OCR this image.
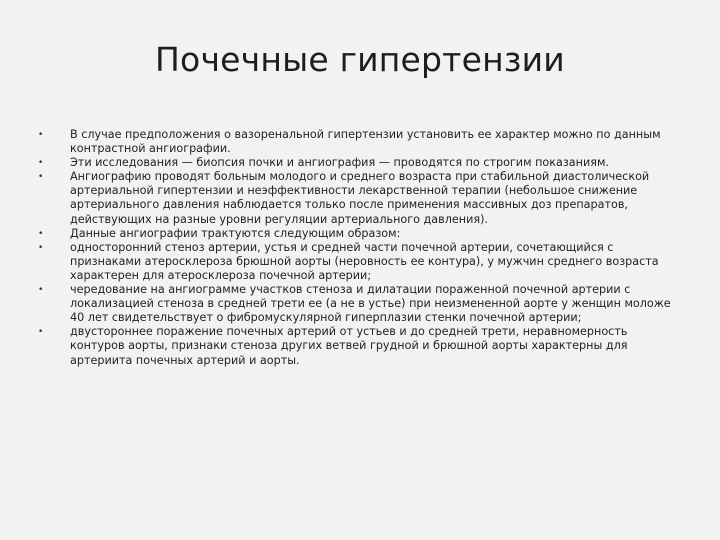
Почечные гипертензии
• В случае предположения о вазоренальной гипертензии установить ее характер можно по данным контрастной ангиографии.
• Эти исследования — биопсия почки и ангиография — проводятся по строгим показаниям.
• Ангиографию проводят больным молодого и среднего возраста при стабильной диастолической артериальной гипертензии и неэффективности лекарственной терапии (небольшое снижение артериального давления наблюдается только после применения массивных доз препаратов, действующих на разные уровни регуляции артериального давления).
• Данные ангиографии трактуются следующим образом:
• односторонний стеноз артерии, устья и средней части почечной артерии, сочетающийся с признаками атеросклероза брюшной аорты (неровность ее контура), у мужчин среднего возраста характерен для атеросклероза почечной артерии;
• чередование на ангиограмме участков стеноза и дилатации пораженной почечной артерии с локализацией стеноза в средней трети ее (а не в устье) при неизмененной аорте у женщин моложе 40 лет свидетельствует о фибромускулярной гиперплазии стенки почечной артерии;
• двустороннее поражение почечных артерий от устьев и до средней трети, неравномерность контуров аорты, признаки стеноза других ветвей грудной и брюшной аорты характерны для артериита почечных артерий и аорты.
